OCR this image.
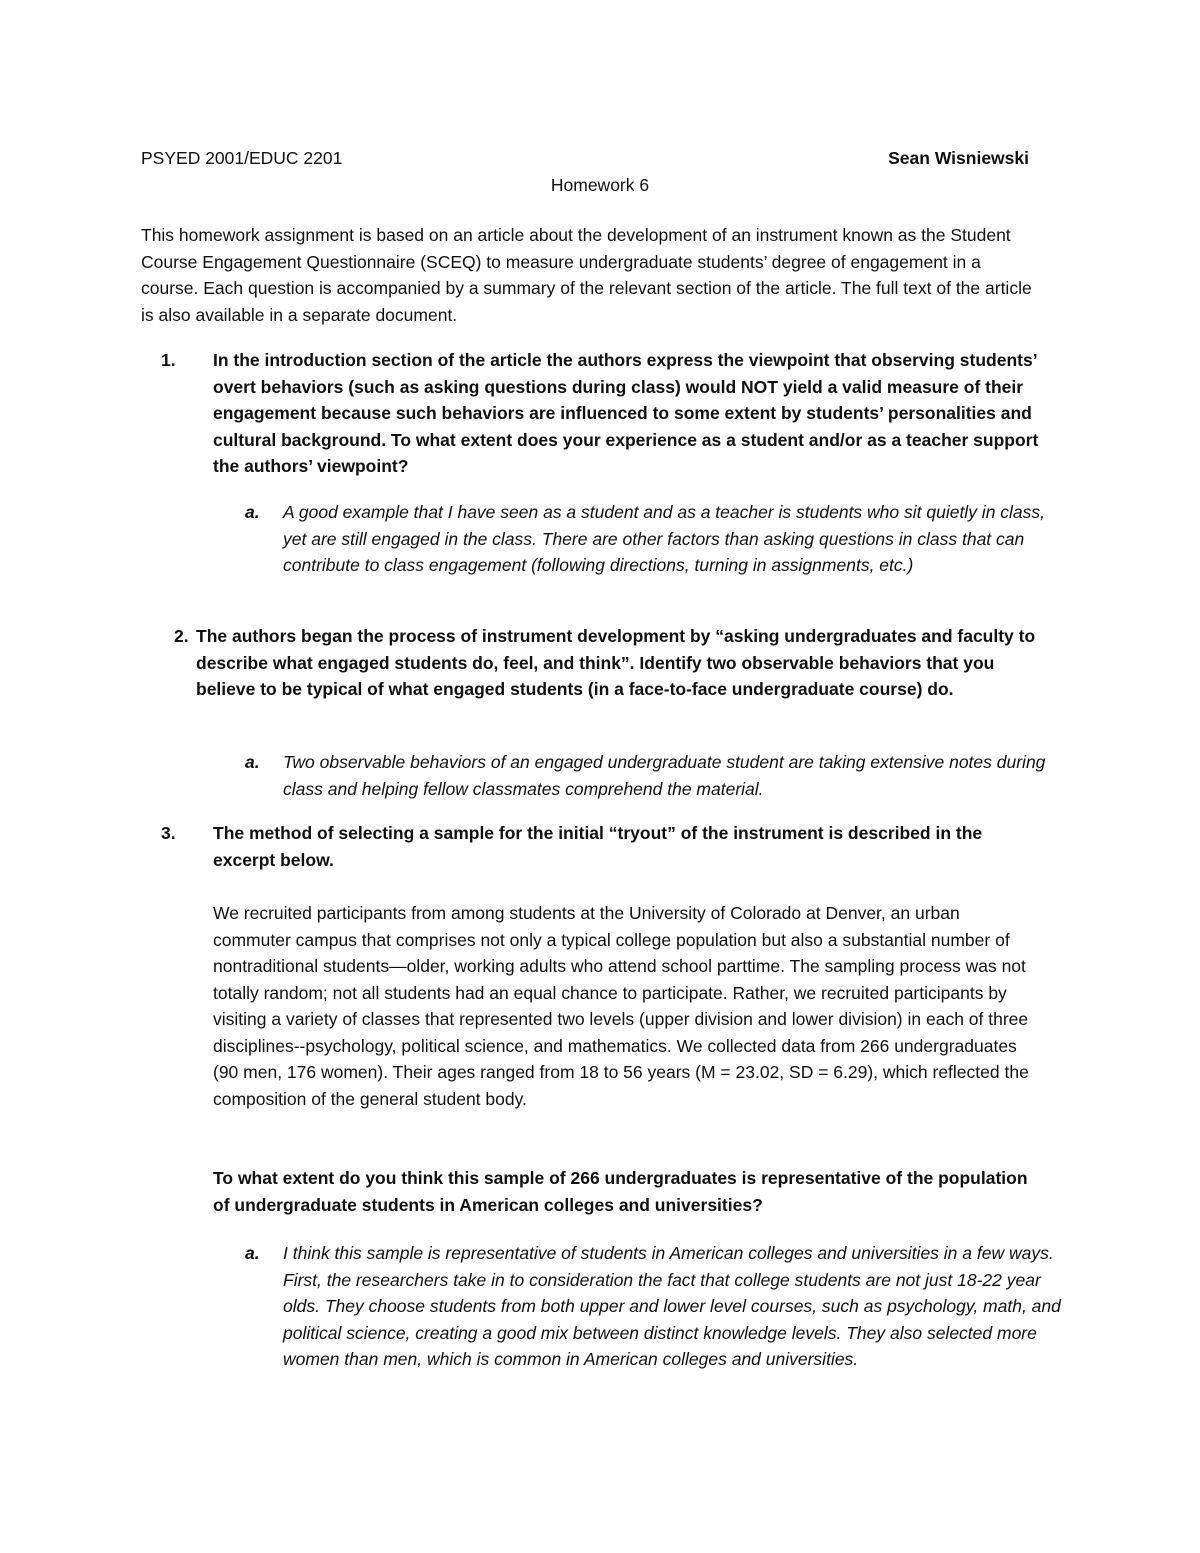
PSYED 2001/EDUC 2201	Sean Wisniewski
Homework 6

This homework assignment is based on an article about the development of an instrument known as the Student Course Engagement Questionnaire (SCEQ) to measure undergraduate students’ degree of engagement in a course. Each question is accompanied by a summary of the relevant section of the article. The full text of the article is also available in a separate document.

1. In the introduction section of the article the authors express the viewpoint that observing students’ overt behaviors (such as asking questions during class) would NOT yield a valid measure of their engagement because such behaviors are influenced to some extent by students’ personalities and cultural background. To what extent does your experience as a student and/or as a teacher support the authors’ viewpoint?
a. A good example that I have seen as a student and as a teacher is students who sit quietly in class, yet are still engaged in the class. There are other factors than asking questions in class that can contribute to class engagement (following directions, turning in assignments, etc.)
2. The authors began the process of instrument development by “asking undergraduates and faculty to describe what engaged students do, feel, and think”. Identify two observable behaviors that you believe to be typical of what engaged students (in a face-to-face undergraduate course) do.
a. Two observable behaviors of an engaged undergraduate student are taking extensive notes during class and helping fellow classmates comprehend the material.
3. The method of selecting a sample for the initial “tryout” of the instrument is described in the excerpt below.

We recruited participants from among students at the University of Colorado at Denver, an urban commuter campus that comprises not only a typical college population but also a substantial number of nontraditional students—older, working adults who attend school parttime. The sampling process was not totally random; not all students had an equal chance to participate. Rather, we recruited participants by visiting a variety of classes that represented two levels (upper division and lower division) in each of three disciplines--psychology, political science, and mathematics. We collected data from 266 undergraduates (90 men, 176 women). Their ages ranged from 18 to 56 years (M = 23.02, SD = 6.29), which reflected the composition of the general student body.

To what extent do you think this sample of 266 undergraduates is representative of the population of undergraduate students in American colleges and universities?

a. I think this sample is representative of students in American colleges and universities in a few ways. First, the researchers take in to consideration the fact that college students are not just 18-22 year olds. They choose students from both upper and lower level courses, such as psychology, math, and political science, creating a good mix between distinct knowledge levels. They also selected more women than men, which is common in American colleges and universities.
